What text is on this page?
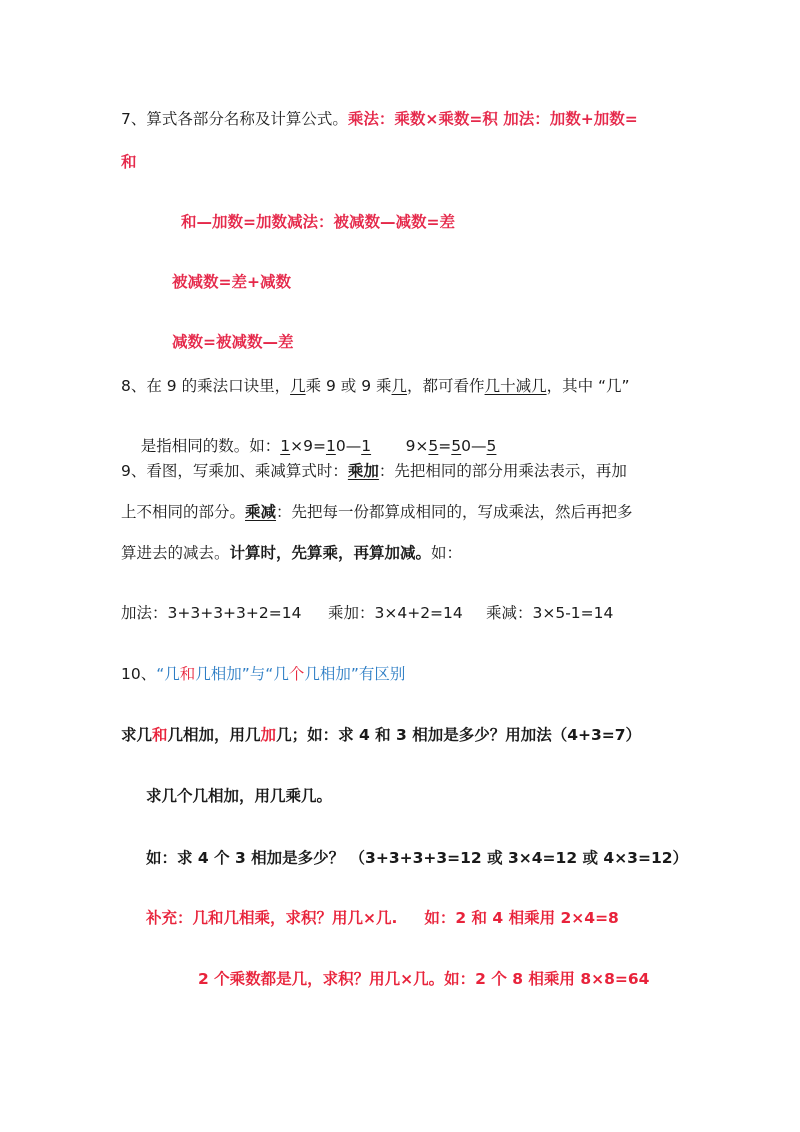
7、算式各部分名称及计算公式。乘法：乘数×乘数=积 加法：加数+加数=
和
和—加数=加数减法：被减数—减数=差
被减数=差+减数
减数=被减数—差
8、在 9 的乘法口诀里，几乘 9 或 9 乘几，都可看作几十减几，其中 “几”

是指相同的数。如：1×9=10—1       9×5=50—5

9、看图，写乘加、乘减算式时：乘加：先把相同的部分用乘法表示，再加
上不相同的部分。乘减：先把每一份都算成相同的，写成乘法，然后再把多
算进去的减去。计算时，先算乘，再算加减。如：
加法：3+3+3+3+2=14 乘加：3×4+2=14 乘减：3×5-1=14
10、“几和几相加”与“几个几相加”有区别
求几和几相加，用几加几；如：求 4 和 3 相加是多少？用加法（4+3=7）
求几个几相加，用几乘几。
如：求 4 个 3 相加是多少？ （3+3+3+3=12 或 3×4=12 或 4×3=12）
补充：几和几相乘，求积？用几×几.     如：2 和 4 相乘用 2×4=8
2 个乘数都是几，求积？用几×几。如：2 个 8 相乘用 8×8=64
